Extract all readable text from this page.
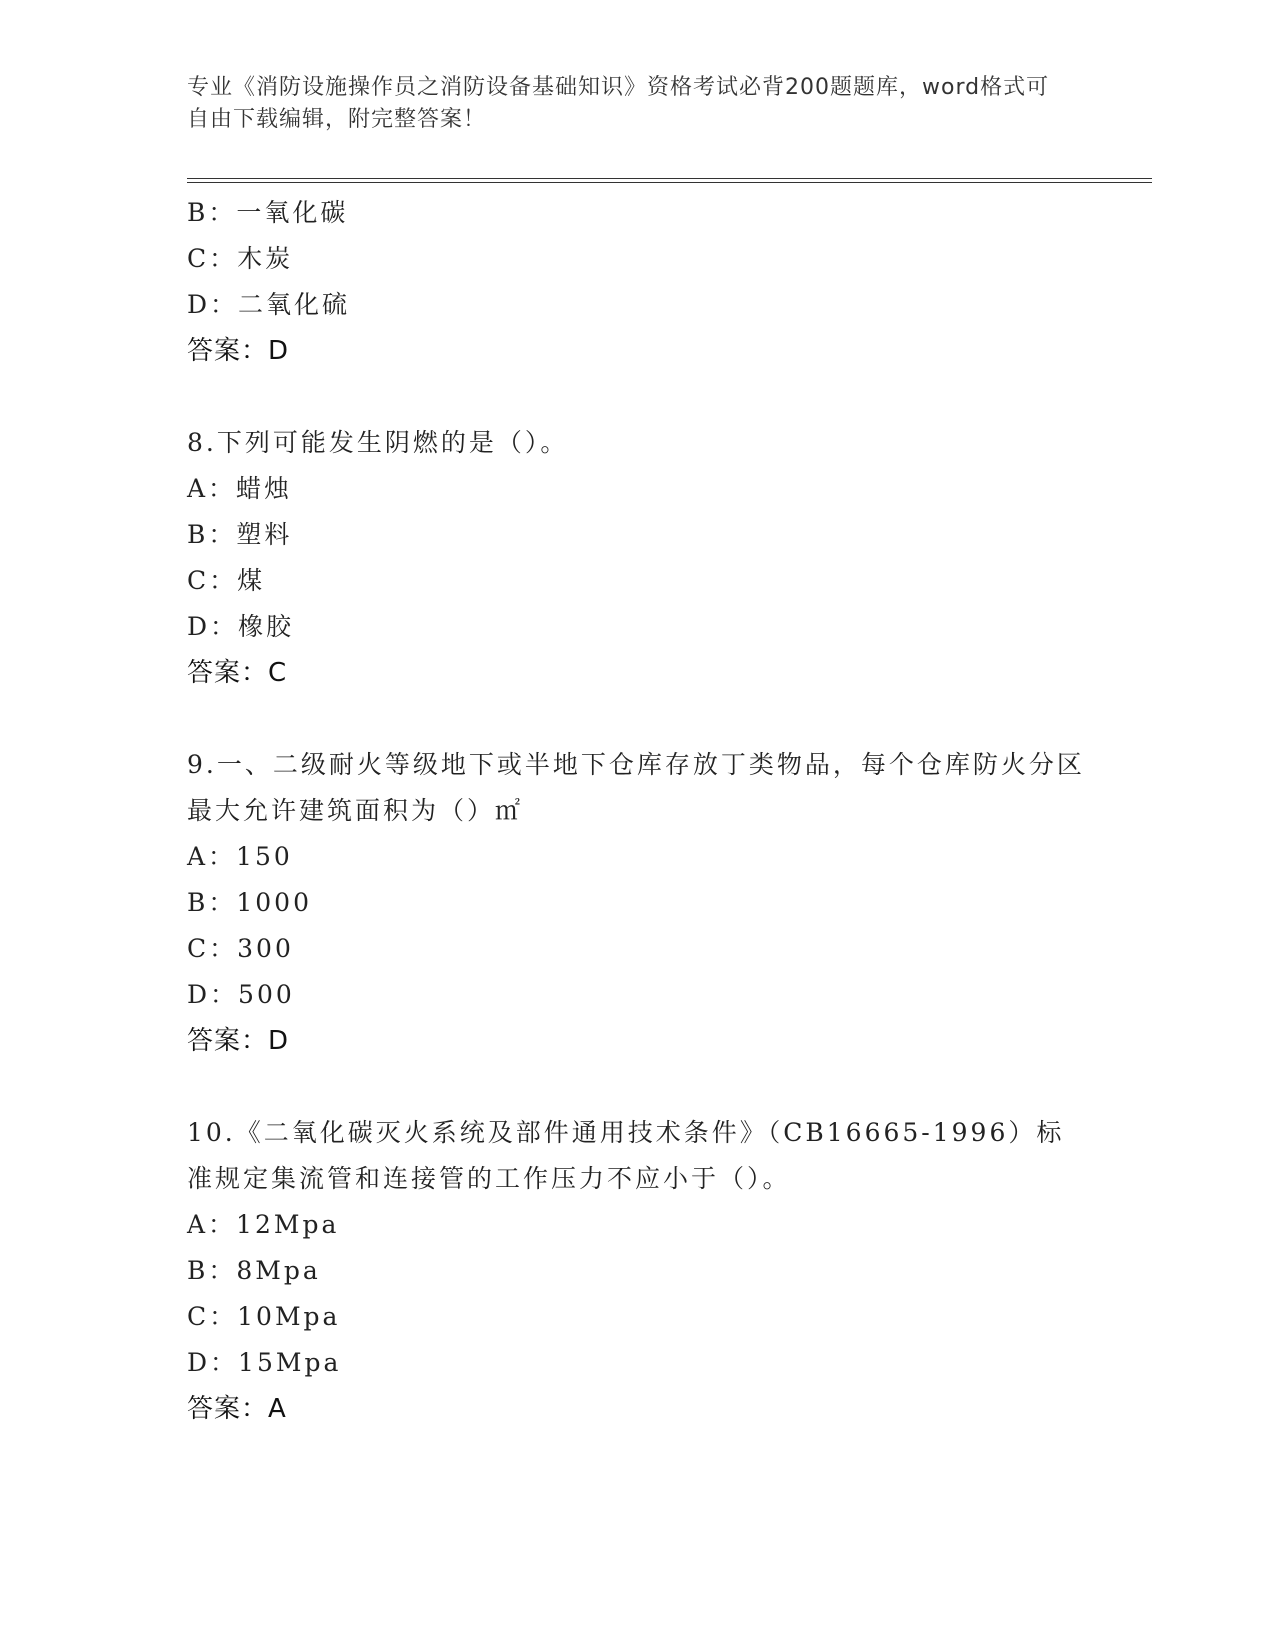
专业《消防设施操作员之消防设备基础知识》资格考试必背200题题库，word格式可自由下载编辑，附完整答案！
B：一氧化碳
C：木炭
D：二氧化硫
答案：D
8.下列可能发生阴燃的是（）。
A：蜡烛
B：塑料
C：煤
D：橡胶
答案：C
9.一、二级耐火等级地下或半地下仓库存放丁类物品，每个仓库防火分区最大允许建筑面积为（）㎡
A：150
B：1000
C：300
D：500
答案：D
10.《二氧化碳灭火系统及部件通用技术条件》（CB16665-1996）标准规定集流管和连接管的工作压力不应小于（）。
A：12Mpa
B：8Mpa
C：10Mpa
D：15Mpa
答案：A
